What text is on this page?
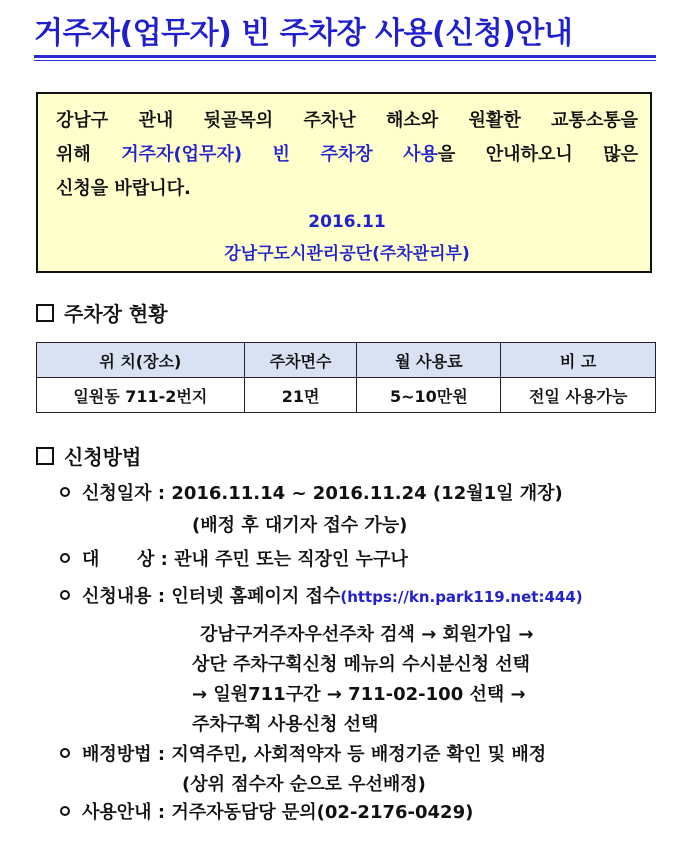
거주자(업무자) 빈 주차장 사용(신청)안내

강남구 관내 뒷골목의 주차난 해소와 원활한 교통소통을

위해 거주자(업무자) 빈 주차장 사용을 안내하오니 많은

신청을 바랍니다.

2016.11
강남구도시관리공단(주차관리부)
주차장 현황
위 치(장소)	주차면수	월 사용료	비 고
일원동 711-2번지	21면	5~10만원	전일 사용가능
신청방법
신청일자 : 2016.11.14 ~ 2016.11.24 (12월1일 개장)
(배정 후 대기자 접수 가능)
대      상 : 관내 주민 또는 직장인 누구나
신청내용 : 인터넷 홈페이지 접수(https://kn.park119.net:444)
강남구거주자우선주차 검색 → 회원가입 →
상단 주차구획신청 메뉴의 수시분신청 선택
→ 일원711구간 → 711-02-100 선택 →
주차구획 사용신청 선택
배정방법 : 지역주민, 사회적약자 등 배정기준 확인 및 배정
(상위 점수자 순으로 우선배정)
사용안내 : 거주자동담당 문의(02-2176-0429)
